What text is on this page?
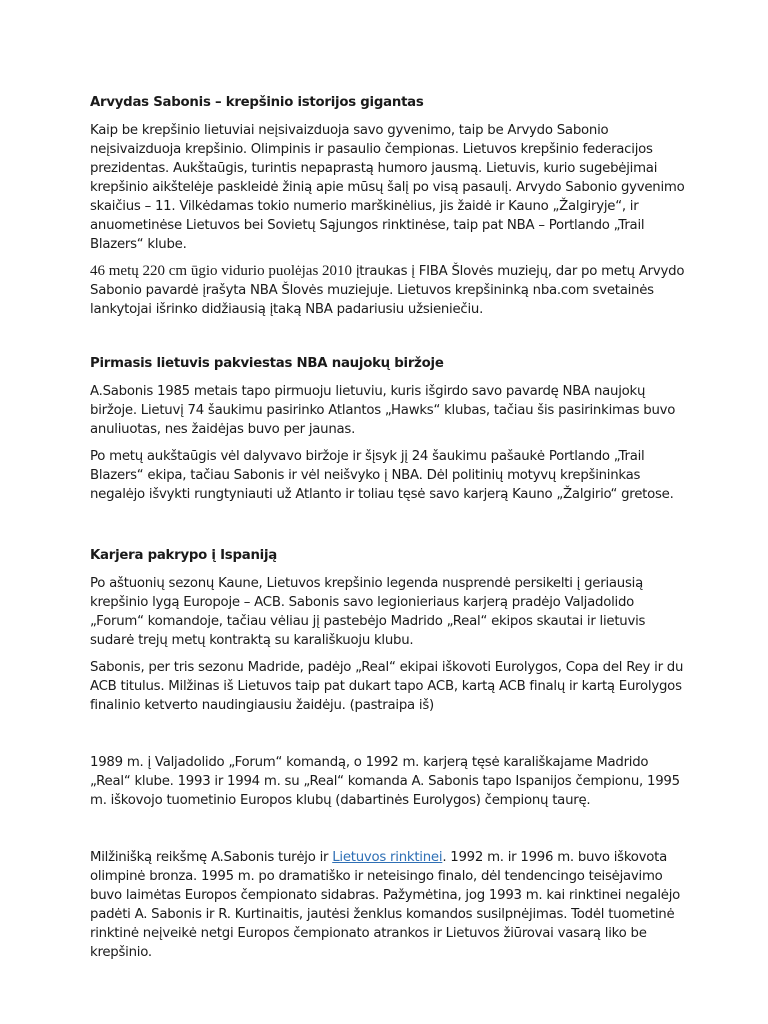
Arvydas Sabonis – krepšinio istorijos gigantas

Kaip be krepšinio lietuviai neįsivaizduoja savo gyvenimo, taip be Arvydo Sabonio neįsivaizduoja krepšinio. Olimpinis ir pasaulio čempionas. Lietuvos krepšinio federacijos prezidentas. Aukštaūgis, turintis nepaprastą humoro jausmą. Lietuvis, kurio sugebėjimai krepšinio aikštelėje paskleidė žinią apie mūsų šalį po visą pasaulį. Arvydo Sabonio gyvenimo skaičius – 11. Vilkėdamas tokio numerio marškinėlius, jis žaidė ir Kauno „Žalgiryje“, ir anuometinėse Lietuvos bei Sovietų Sąjungos rinktinėse, taip pat NBA – Portlando „Trail Blazers“ klube.

46 metų 220 cm ūgio vidurio puolėjas 2010 įtraukas į FIBA Šlovės muziejų, dar po metų Arvydo Sabonio pavardė įrašyta NBA Šlovės muziejuje. Lietuvos krepšininką nba.com svetainės lankytojai išrinko didžiausią įtaką NBA padariusiu užsieniečiu.

Pirmasis lietuvis pakviestas NBA naujokų biržoje

A.Sabonis 1985 metais tapo pirmuoju lietuviu, kuris išgirdo savo pavardę NBA naujokų biržoje. Lietuvį 74 šaukimu pasirinko Atlantos „Hawks“ klubas, tačiau šis pasirinkimas buvo anuliuotas, nes žaidėjas buvo per jaunas.

Po metų aukštaūgis vėl dalyvavo biržoje ir šįsyk jį 24 šaukimu pašaukė Portlando „Trail Blazers“ ekipa, tačiau Sabonis ir vėl neišvyko į NBA. Dėl politinių motyvų krepšininkas negalėjo išvykti rungtyniauti už Atlanto ir toliau tęsė savo karjerą Kauno „Žalgirio“ gretose.

Karjera pakrypo į Ispaniją

Po aštuonių sezonų Kaune, Lietuvos krepšinio legenda nusprendė persikelti į geriausią krepšinio lygą Europoje – ACB. Sabonis savo legionieriaus karjerą pradėjo Valjadolido „Forum“ komandoje, tačiau vėliau jį pastebėjo Madrido „Real“ ekipos skautai ir lietuvis sudarė trejų metų kontraktą su karališkuoju klubu.

Sabonis, per tris sezonu Madride, padėjo „Real“ ekipai iškovoti Eurolygos, Copa del Rey ir du ACB titulus. Milžinas iš Lietuvos taip pat dukart tapo ACB, kartą ACB finalų ir kartą Eurolygos finalinio ketverto naudingiausiu žaidėju. (pastraipa iš)

1989 m. į Valjadolido „Forum“ komandą, o 1992 m. karjerą tęsė karališkajame Madrido „Real“ klube. 1993 ir 1994 m. su „Real“ komanda A. Sabonis tapo Ispanijos čempionu, 1995 m. iškovojo tuometinio Europos klubų (dabartinės Eurolygos) čempionų taurę.

Milžinišką reikšmę A.Sabonis turėjo ir Lietuvos rinktinei. 1992 m. ir 1996 m. buvo iškovota olimpinė bronza. 1995 m. po dramatiško ir neteisingo finalo, dėl tendencingo teisėjavimo buvo laimėtas Europos čempionato sidabras. Pažymėtina, jog 1993 m. kai rinktinei negalėjo padėti A. Sabonis ir R. Kurtinaitis, jautėsi ženklus komandos susilpnėjimas. Todėl tuometinė rinktinė neįveikė netgi Europos čempionato atrankos ir Lietuvos žiūrovai vasarą liko be krepšinio.
